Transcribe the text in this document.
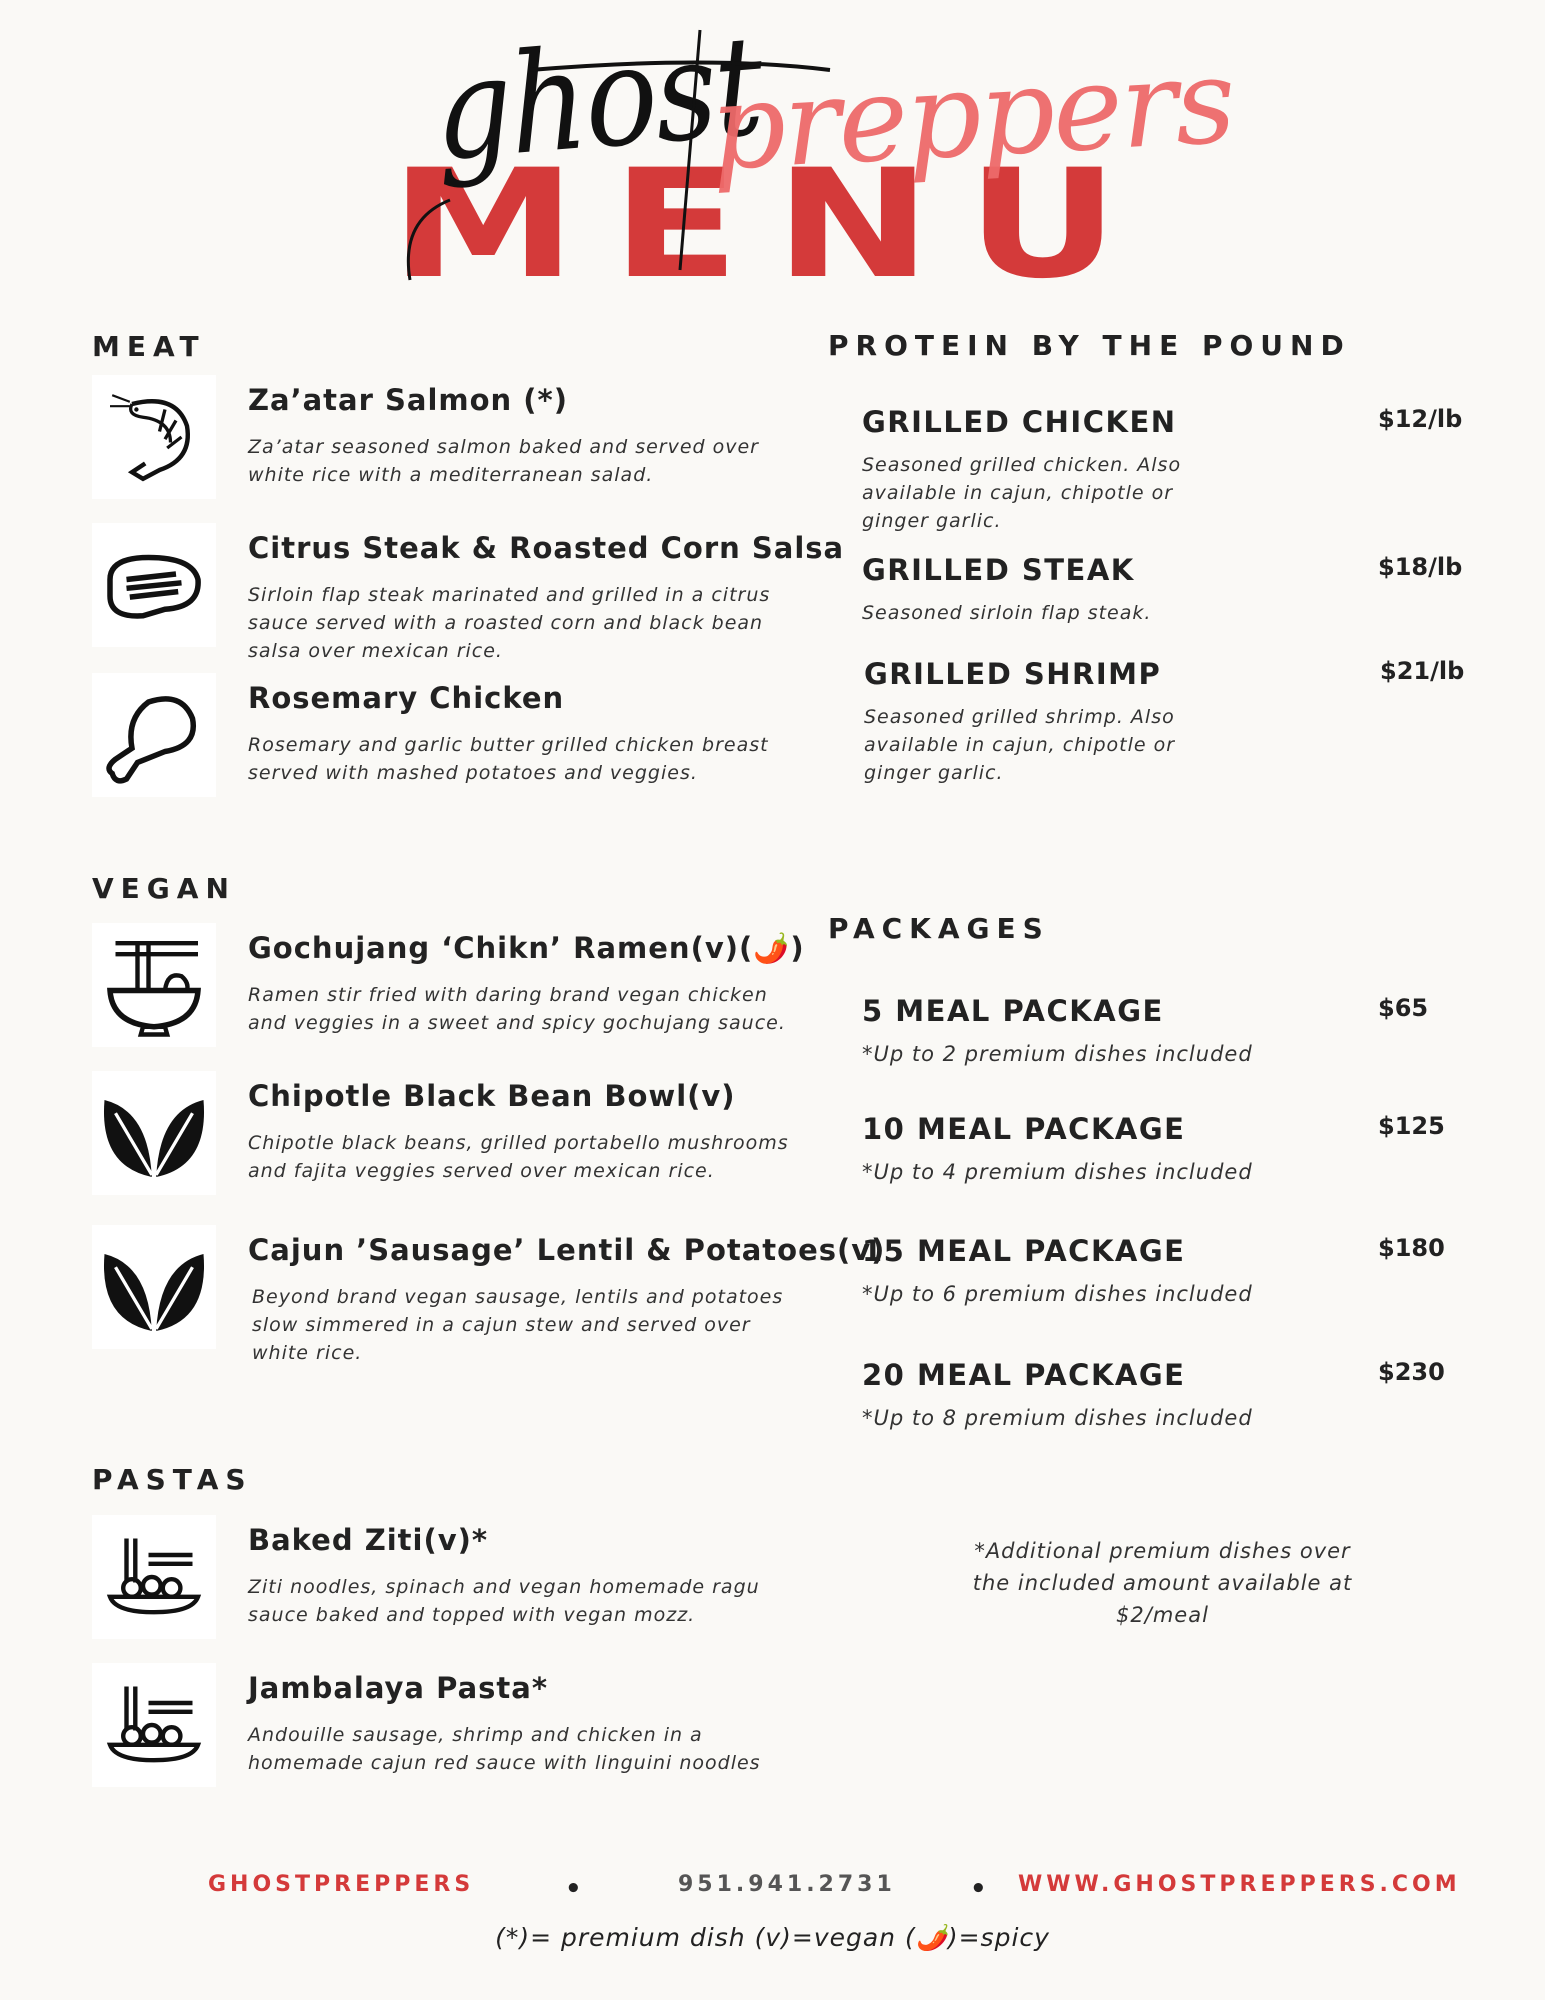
MENU
ghost
preppers
MEAT
Za’atar Salmon (*)
Za’atar seasoned salmon baked and served over white rice with a mediterranean salad.
Citrus Steak & Roasted Corn Salsa
Sirloin flap steak marinated and grilled in a citrus sauce served with a roasted corn and black bean salsa over mexican rice.
Rosemary Chicken
Rosemary and garlic butter grilled chicken breast served with mashed potatoes and veggies.
VEGAN
Gochujang ‘Chikn’ Ramen(v)(🌶️)
Ramen stir fried with daring brand vegan chicken and veggies in a sweet and spicy gochujang sauce.
Chipotle Black Bean Bowl(v)
Chipotle black beans, grilled portabello mushrooms and fajita veggies served over mexican rice.
Cajun ’Sausage’ Lentil & Potatoes(v)
Beyond brand vegan sausage, lentils and potatoes slow simmered in a cajun stew and served over white rice.
PASTAS
Baked Ziti(v)*
Ziti noodles, spinach and vegan homemade ragu sauce baked and topped with vegan mozz.
Jambalaya Pasta*
Andouille sausage, shrimp and chicken in a homemade cajun red sauce with linguini noodles
PROTEIN BY THE POUND
GRILLED CHICKEN	$12/lb
Seasoned grilled chicken. Also available in cajun, chipotle or ginger garlic.
GRILLED STEAK	$18/lb
Seasoned sirloin flap steak.
GRILLED SHRIMP	$21/lb
Seasoned grilled shrimp. Also available in cajun, chipotle or ginger garlic.
PACKAGES
5 MEAL PACKAGE	$65
*Up to 2 premium dishes included
10 MEAL PACKAGE	$125
*Up to 4 premium dishes included
15 MEAL PACKAGE	$180
*Up to 6 premium dishes included
20 MEAL PACKAGE	$230
*Up to 8 premium dishes included
*Additional premium dishes over the included amount available at $2/meal
GHOSTPREPPERS	•	951.941.2731	• WWW.GHOSTPREPPERS.COM
(*)= premium dish (v)=vegan (🌶️)=spicy
